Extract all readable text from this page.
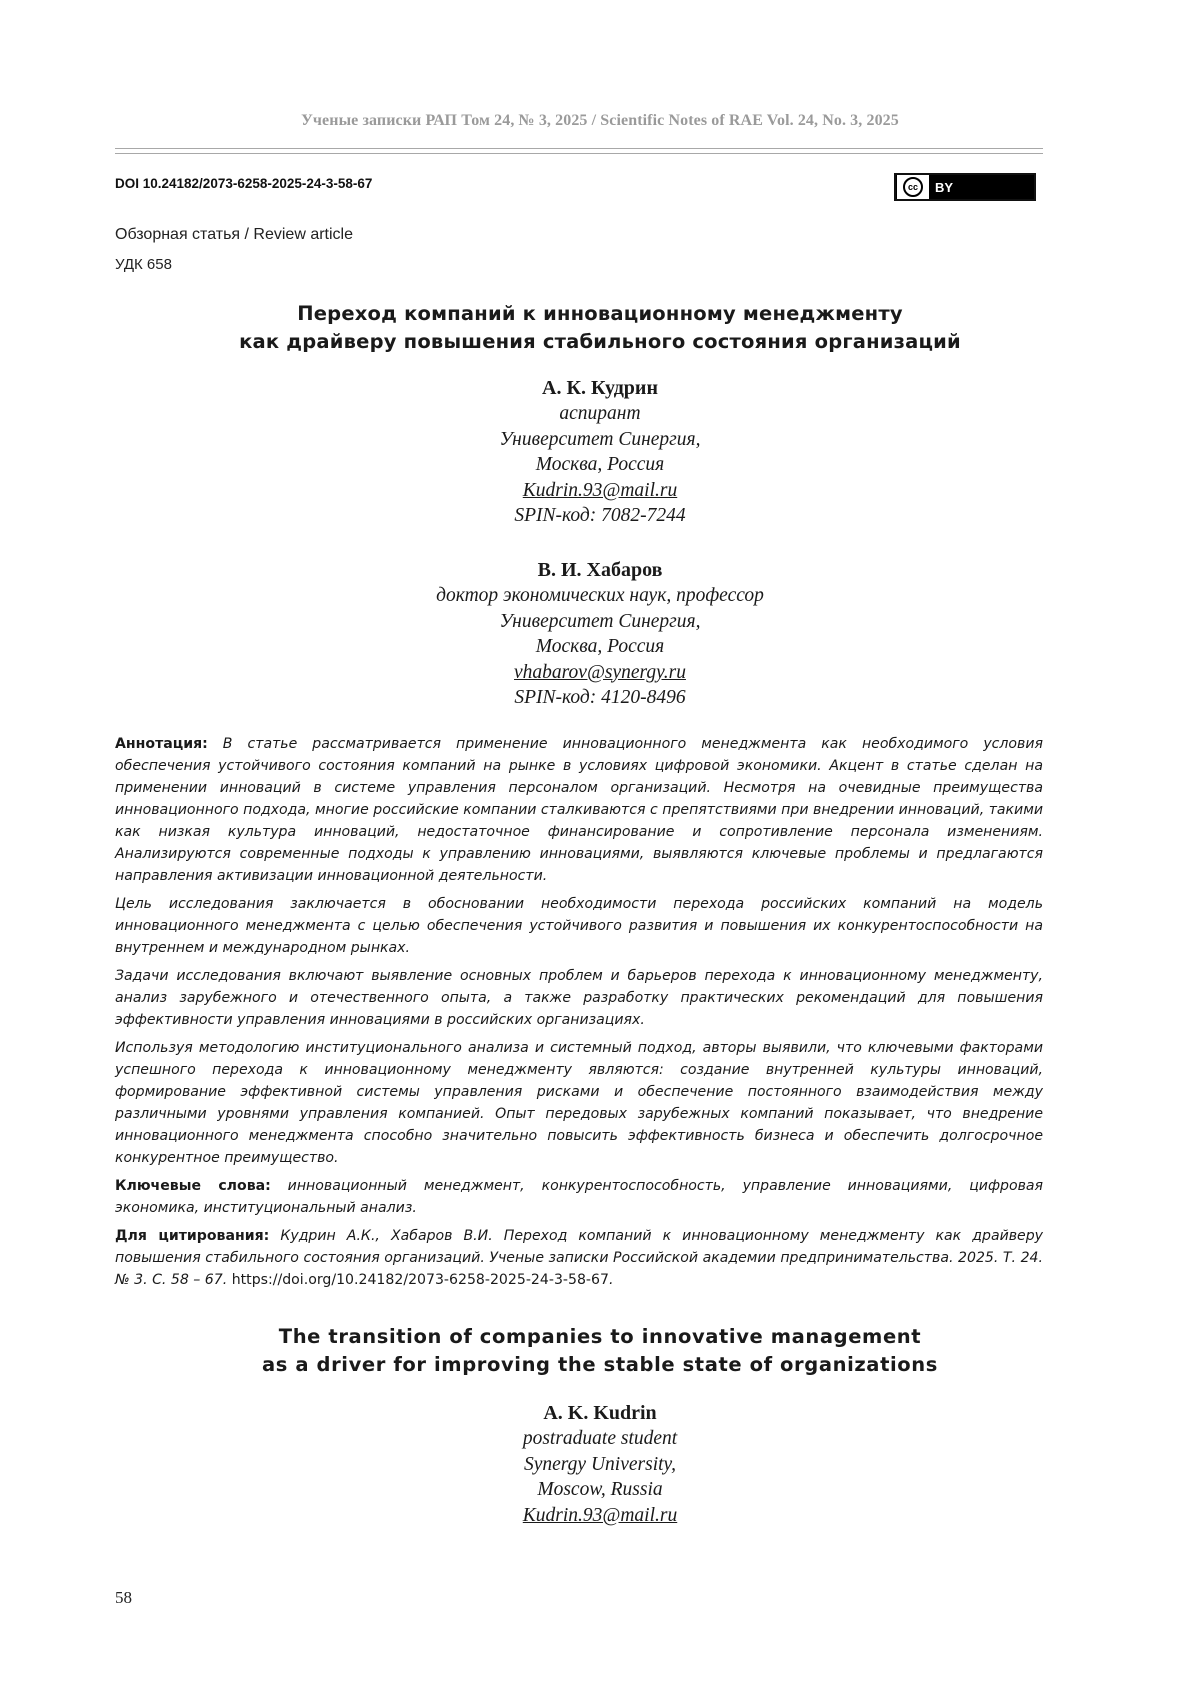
Ученые записки РАП Том 24, № 3, 2025 / Scientific Notes of RAE Vol. 24, No. 3, 2025
DOI 10.24182/2073-6258-2025-24-3-58-67	cc	BY
Обзорная статья / Review article
УДК 658
Переход компаний к инновационному менеджменту
как драйверу повышения стабильного состояния организаций
А. К. Кудрин
аспирант
Университет Синергия,
Москва, Россия
Kudrin.93@mail.ru
SPIN-код: 7082-7244
В. И. Хабаров
доктор экономических наук, профессор
Университет Синергия,
Москва, Россия
vhabarov@synergy.ru
SPIN-код: 4120-8496

Аннотация: В статье рассматривается применение инновационного менеджмента как необходимого условия обеспечения устойчивого состояния компаний на рынке в условиях цифровой экономики. Акцент в статье сделан на применении инноваций в системе управления персоналом организаций. Несмотря на очевидные преимущества инновационного подхода, многие российские компании сталкиваются с препятствиями при внедрении инноваций, такими как низкая культура инноваций, недостаточное финансирование и сопротивление персонала изменениям. Анализируются современные подходы к управлению инновациями, выявляются ключевые проблемы и предлагаются направления активизации инновационной деятельности.

Цель исследования заключается в обосновании необходимости перехода российских компаний на модель инновационного менеджмента с целью обеспечения устойчивого развития и повышения их конкурентоспособности на внутреннем и международном рынках.

Задачи исследования включают выявление основных проблем и барьеров перехода к инновационному менеджменту, анализ зарубежного и отечественного опыта, а также разработку практических рекомендаций для повышения эффективности управления инновациями в российских организациях.

Используя методологию институционального анализа и системный подход, авторы выявили, что ключевыми факторами успешного перехода к инновационному менеджменту являются: создание внутренней культуры инноваций, формирование эффективной системы управления рисками и обеспечение постоянного взаимодействия между различными уровнями управления компанией. Опыт передовых зарубежных компаний показывает, что внедрение инновационного менеджмента способно значительно повысить эффективность бизнеса и обеспечить долгосрочное конкурентное преимущество.

Ключевые слова: инновационный менеджмент, конкурентоспособность, управление инновациями, цифровая экономика, институциональный анализ.

Для цитирования: Кудрин А.К., Хабаров В.И. Переход компаний к инновационному менеджменту как драйверу повышения стабильного состояния организаций. Ученые записки Российской академии предпринимательства. 2025. Т. 24. № 3. С. 58 – 67. https://doi.org/10.24182/2073-6258-2025-24-3-58-67.

The transition of companies to innovative management
as a driver for improving the stable state of organizations
A. K. Kudrin
postraduate student
Synergy University,
Moscow, Russia
Kudrin.93@mail.ru
58
